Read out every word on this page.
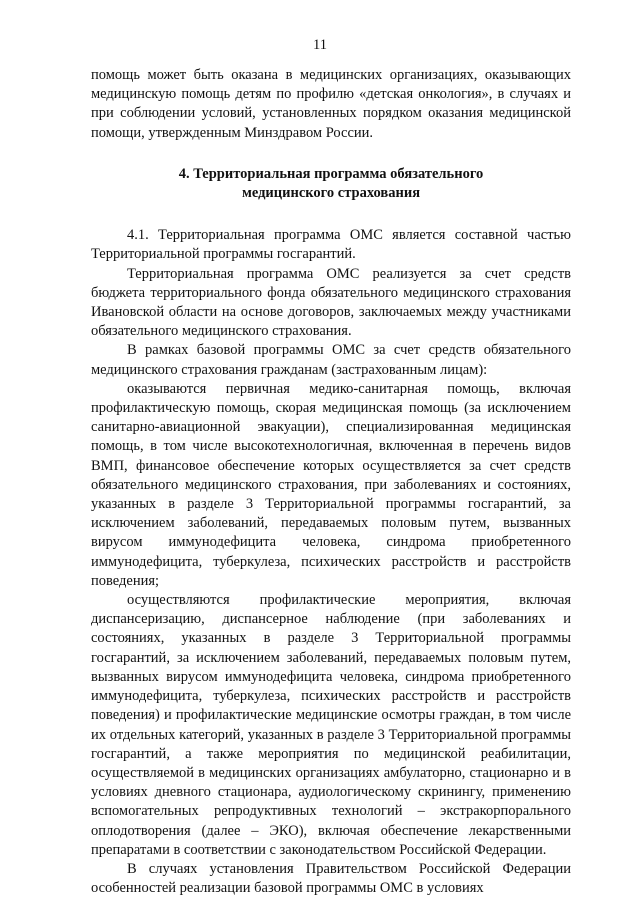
11

помощь может быть оказана в медицинских организациях, оказывающих медицинскую помощь детям по профилю «детская онкология», в случаях и при соблюдении условий, установленных порядком оказания медицинской помощи, утвержденным Минздравом России.

4. Территориальная программа обязательного
медицинского страхования

4.1. Территориальная программа ОМС является составной частью Территориальной программы госгарантий.

Территориальная программа ОМС реализуется за счет средств бюджета территориального фонда обязательного медицинского страхования Ивановской области на основе договоров, заключаемых между участниками обязательного медицинского страхования.

В рамках базовой программы ОМС за счет средств обязательного медицинского страхования гражданам (застрахованным лицам):

оказываются первичная медико-санитарная помощь, включая профилактическую помощь, скорая медицинская помощь (за исключением санитарно-авиационной эвакуации), специализированная медицинская помощь, в том числе высокотехнологичная, включенная в перечень видов ВМП, финансовое обеспечение которых осуществляется за счет средств обязательного медицинского страхования, при заболеваниях и состояниях, указанных в разделе 3 Территориальной программы госгарантий, за исключением заболеваний, передаваемых половым путем, вызванных вирусом иммунодефицита человека, синдрома приобретенного иммунодефицита, туберкулеза, психических расстройств и расстройств поведения;

осуществляются профилактические мероприятия, включая диспансеризацию, диспансерное наблюдение (при заболеваниях и состояниях, указанных в разделе 3 Территориальной программы госгарантий, за исключением заболеваний, передаваемых половым путем, вызванных вирусом иммунодефицита человека, синдрома приобретенного иммунодефицита, туберкулеза, психических расстройств и расстройств поведения) и профилактические медицинские осмотры граждан, в том числе их отдельных категорий, указанных в разделе 3 Территориальной программы госгарантий, а также мероприятия по медицинской реабилитации, осуществляемой в медицинских организациях амбулаторно, стационарно и в условиях дневного стационара, аудиологическому скринингу, применению вспомогательных репродуктивных технологий – экстракорпорального оплодотворения (далее – ЭКО), включая обеспечение лекарственными препаратами в соответствии с законодательством Российской Федерации.

В случаях установления Правительством Российской Федерации особенностей реализации базовой программы ОМС в условиях
